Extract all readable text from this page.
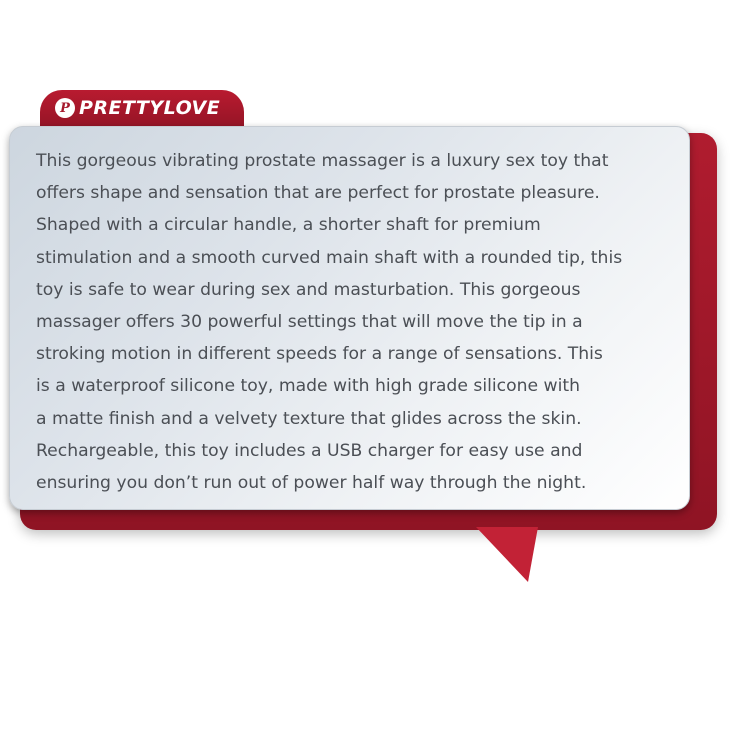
P PRETTYLOVE

This gorgeous vibrating prostate massager is a luxury sex toy that
offers shape and sensation that are perfect for prostate pleasure.
Shaped with a circular handle, a shorter shaft for premium
stimulation and a smooth curved main shaft with a rounded tip, this
toy is safe to wear during sex and masturbation. This gorgeous
massager offers 30 powerful settings that will move the tip in a
stroking motion in different speeds for a range of sensations. This
is a waterproof silicone toy, made with high grade silicone with
a matte finish and a velvety texture that glides across the skin.
Rechargeable, this toy includes a USB charger for easy use and
ensuring you don’t run out of power half way through the night.
